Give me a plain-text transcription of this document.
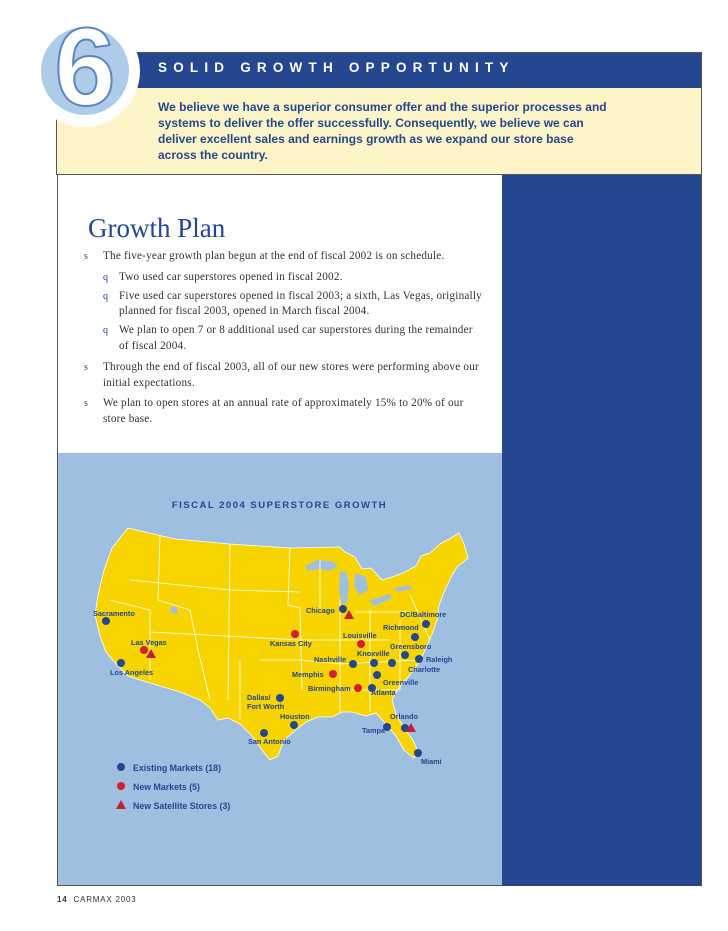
6	SOLID GROWTH OPPORTUNITY
We believe we have a superior consumer offer and the superior processes and systems to deliver the offer successfully. Consequently, we believe we can deliver excellent sales and earnings growth as we expand our store base across the country.
Growth Plan
s The five-year growth plan begun at the end of fiscal 2002 is on schedule.
q Two used car superstores opened in fiscal 2002.
q Five used car superstores opened in fiscal 2003; a sixth, Las Vegas, originally planned for fiscal 2003, opened in March fiscal 2004.
q We plan to open 7 or 8 additional used car superstores during the remainder of fiscal 2004.
s Through the end of fiscal 2003, all of our new stores were performing above our initial expectations.
s We plan to open stores at an annual rate of approximately 15% to 20% of our store base.
FISCAL 2004 SUPERSTORE GROWTH
Sacramento
Las Vegas
Los Angeles
Chicago	DC/Baltimore
Richmond
Louisville
Kansas City	Greensboro
Knoxville
Raleigh
Nashville
Charlotte
Memphis
Greenville
Birmingham	Atlanta
Dallas/
Fort Worth
Houston	Orlando
Tampa
San Antonio
Miami
Existing Markets (18)
New Markets (5)
New Satellite Stores (3)
14 CARMAX 2003
